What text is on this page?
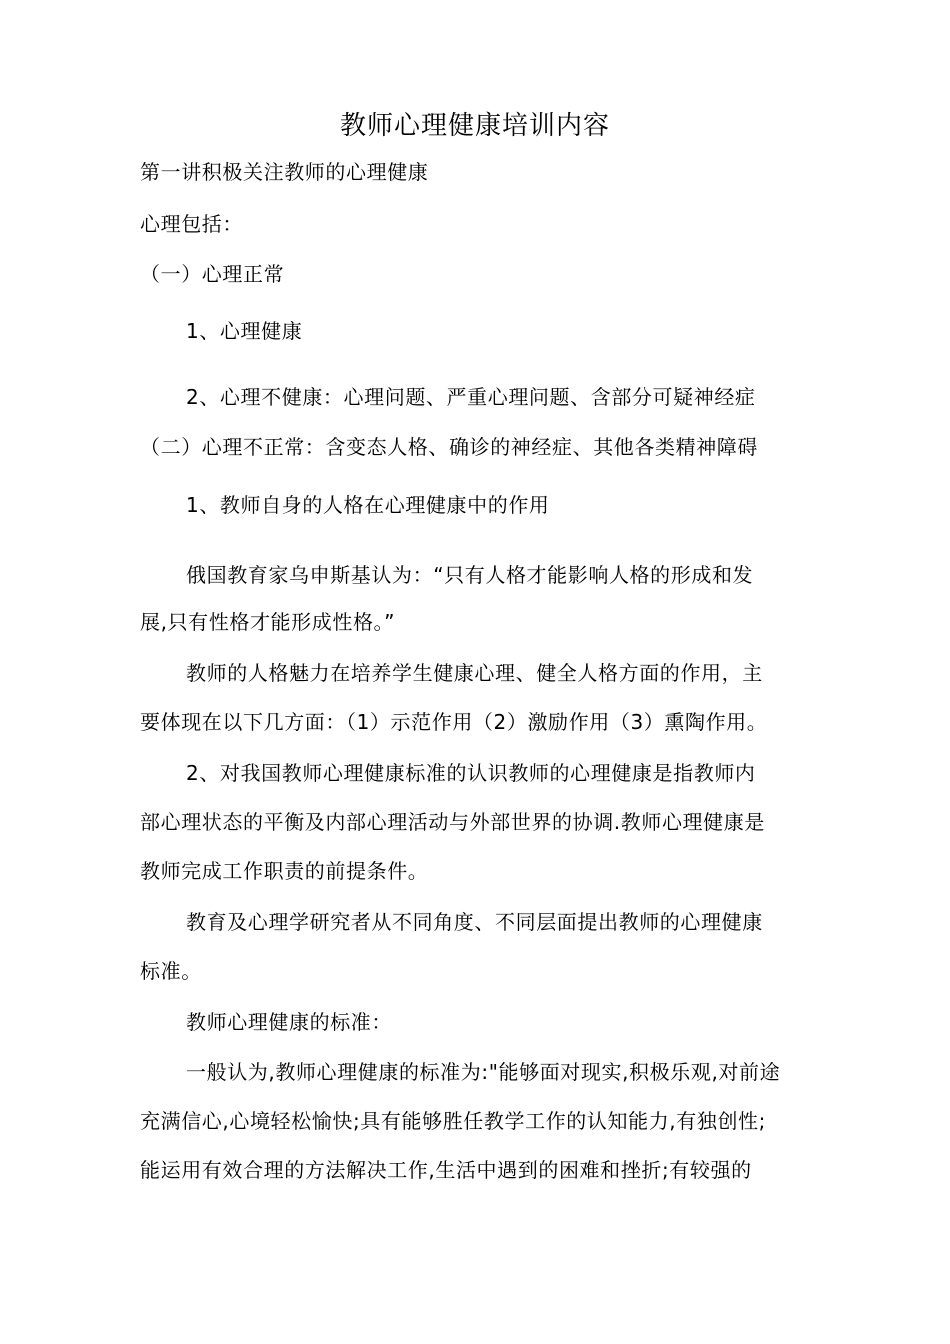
教师心理健康培训内容
第一讲积极关注教师的心理健康
心理包括：
（一）心理正常
1、心理健康
2、心理不健康：心理问题、严重心理问题、含部分可疑神经症
（二）心理不正常：含变态人格、确诊的神经症、其他各类精神障碍
1、教师自身的人格在心理健康中的作用
俄国教育家乌申斯基认为：“只有人格才能影响人格的形成和发
展,只有性格才能形成性格。”
教师的人格魅力在培养学生健康心理、健全人格方面的作用，主
要体现在以下几方面：（1）示范作用（2）激励作用（3）熏陶作用。
2、对我国教师心理健康标准的认识教师的心理健康是指教师内
部心理状态的平衡及内部心理活动与外部世界的协调.教师心理健康是
教师完成工作职责的前提条件。
教育及心理学研究者从不同角度、不同层面提出教师的心理健康
标准。
教师心理健康的标准：
一般认为,教师心理健康的标准为:"能够面对现实,积极乐观,对前途
充满信心,心境轻松愉快;具有能够胜任教学工作的认知能力,有独创性;
能运用有效合理的方法解决工作,生活中遇到的困难和挫折;有较强的
